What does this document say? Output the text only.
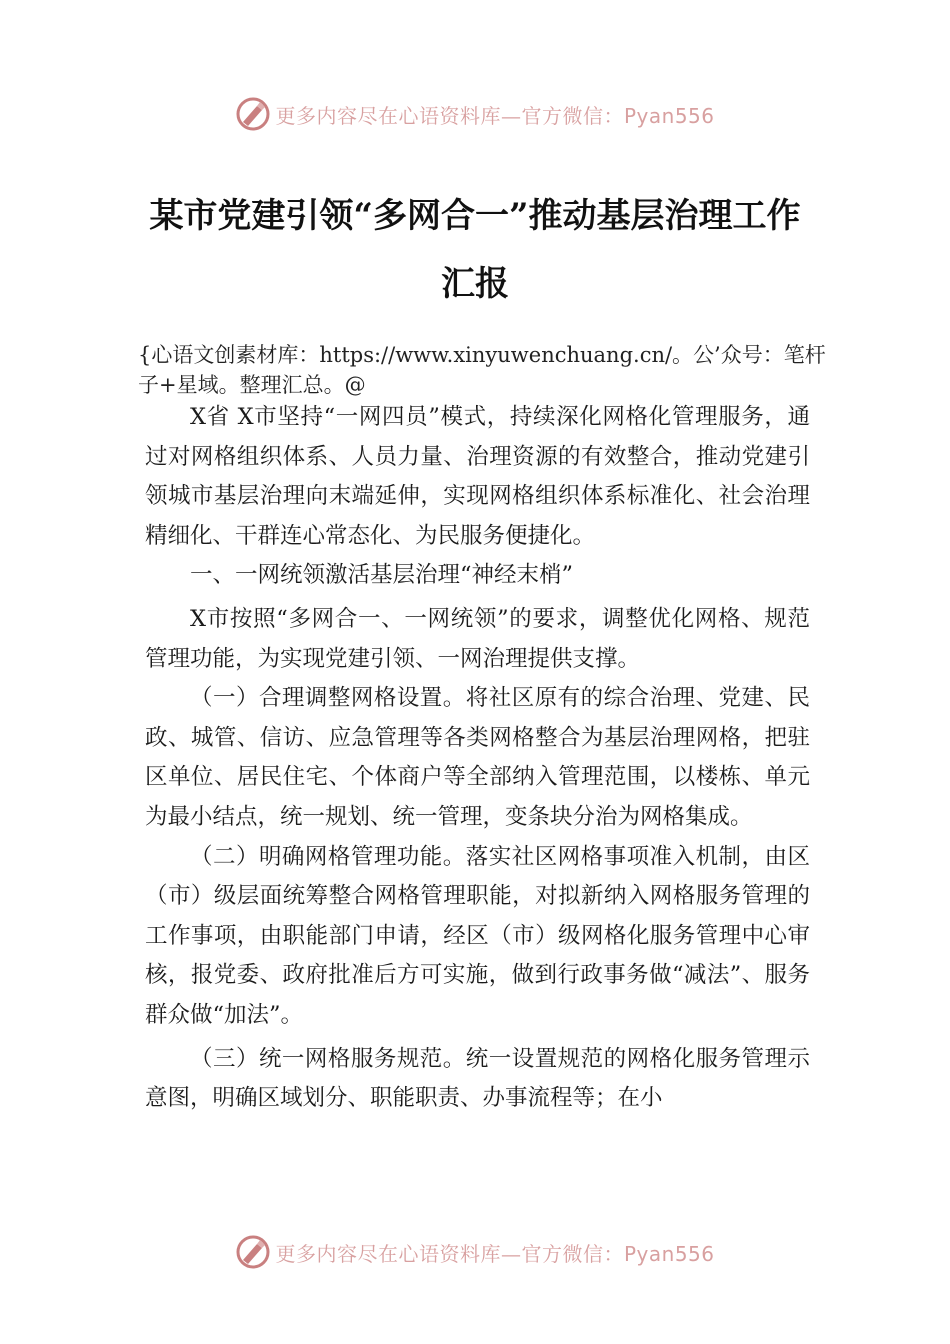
更多内容尽在心语资料库—官方微信：Pyan556
某市党建引领“多网合一”推动基层治理工作汇报
{心语文创素材库：https://www.xinyuwenchuang.cn/。公’众号：笔杆子+星域。整理汇总。@

X省 X市坚持“一网四员”模式，持续深化网格化管理服务，通过对网格组织体系、人员力量、治理资源的有效整合，推动党建引领城市基层治理向末端延伸，实现网格组织体系标准化、社会治理精细化、干群连心常态化、为民服务便捷化。

一、一网统领激活基层治理“神经末梢”

X市按照“多网合一、一网统领”的要求，调整优化网格、规范管理功能，为实现党建引领、一网治理提供支撑。

（一）合理调整网格设置。将社区原有的综合治理、党建、民政、城管、信访、应急管理等各类网格整合为基层治理网格，把驻区单位、居民住宅、个体商户等全部纳入管理范围，以楼栋、单元为最小结点，统一规划、统一管理，变条块分治为网格集成。

（二）明确网格管理功能。落实社区网格事项准入机制，由区（市）级层面统筹整合网格管理职能，对拟新纳入网格服务管理的工作事项，由职能部门申请，经区（市）级网格化服务管理中心审核，报党委、政府批准后方可实施，做到行政事务做“减法”、服务群众做“加法”。

（三）统一网格服务规范。统一设置规范的网格化服务管理示意图，明确区域划分、职能职责、办事流程等；在小

更多内容尽在心语资料库—官方微信：Pyan556
